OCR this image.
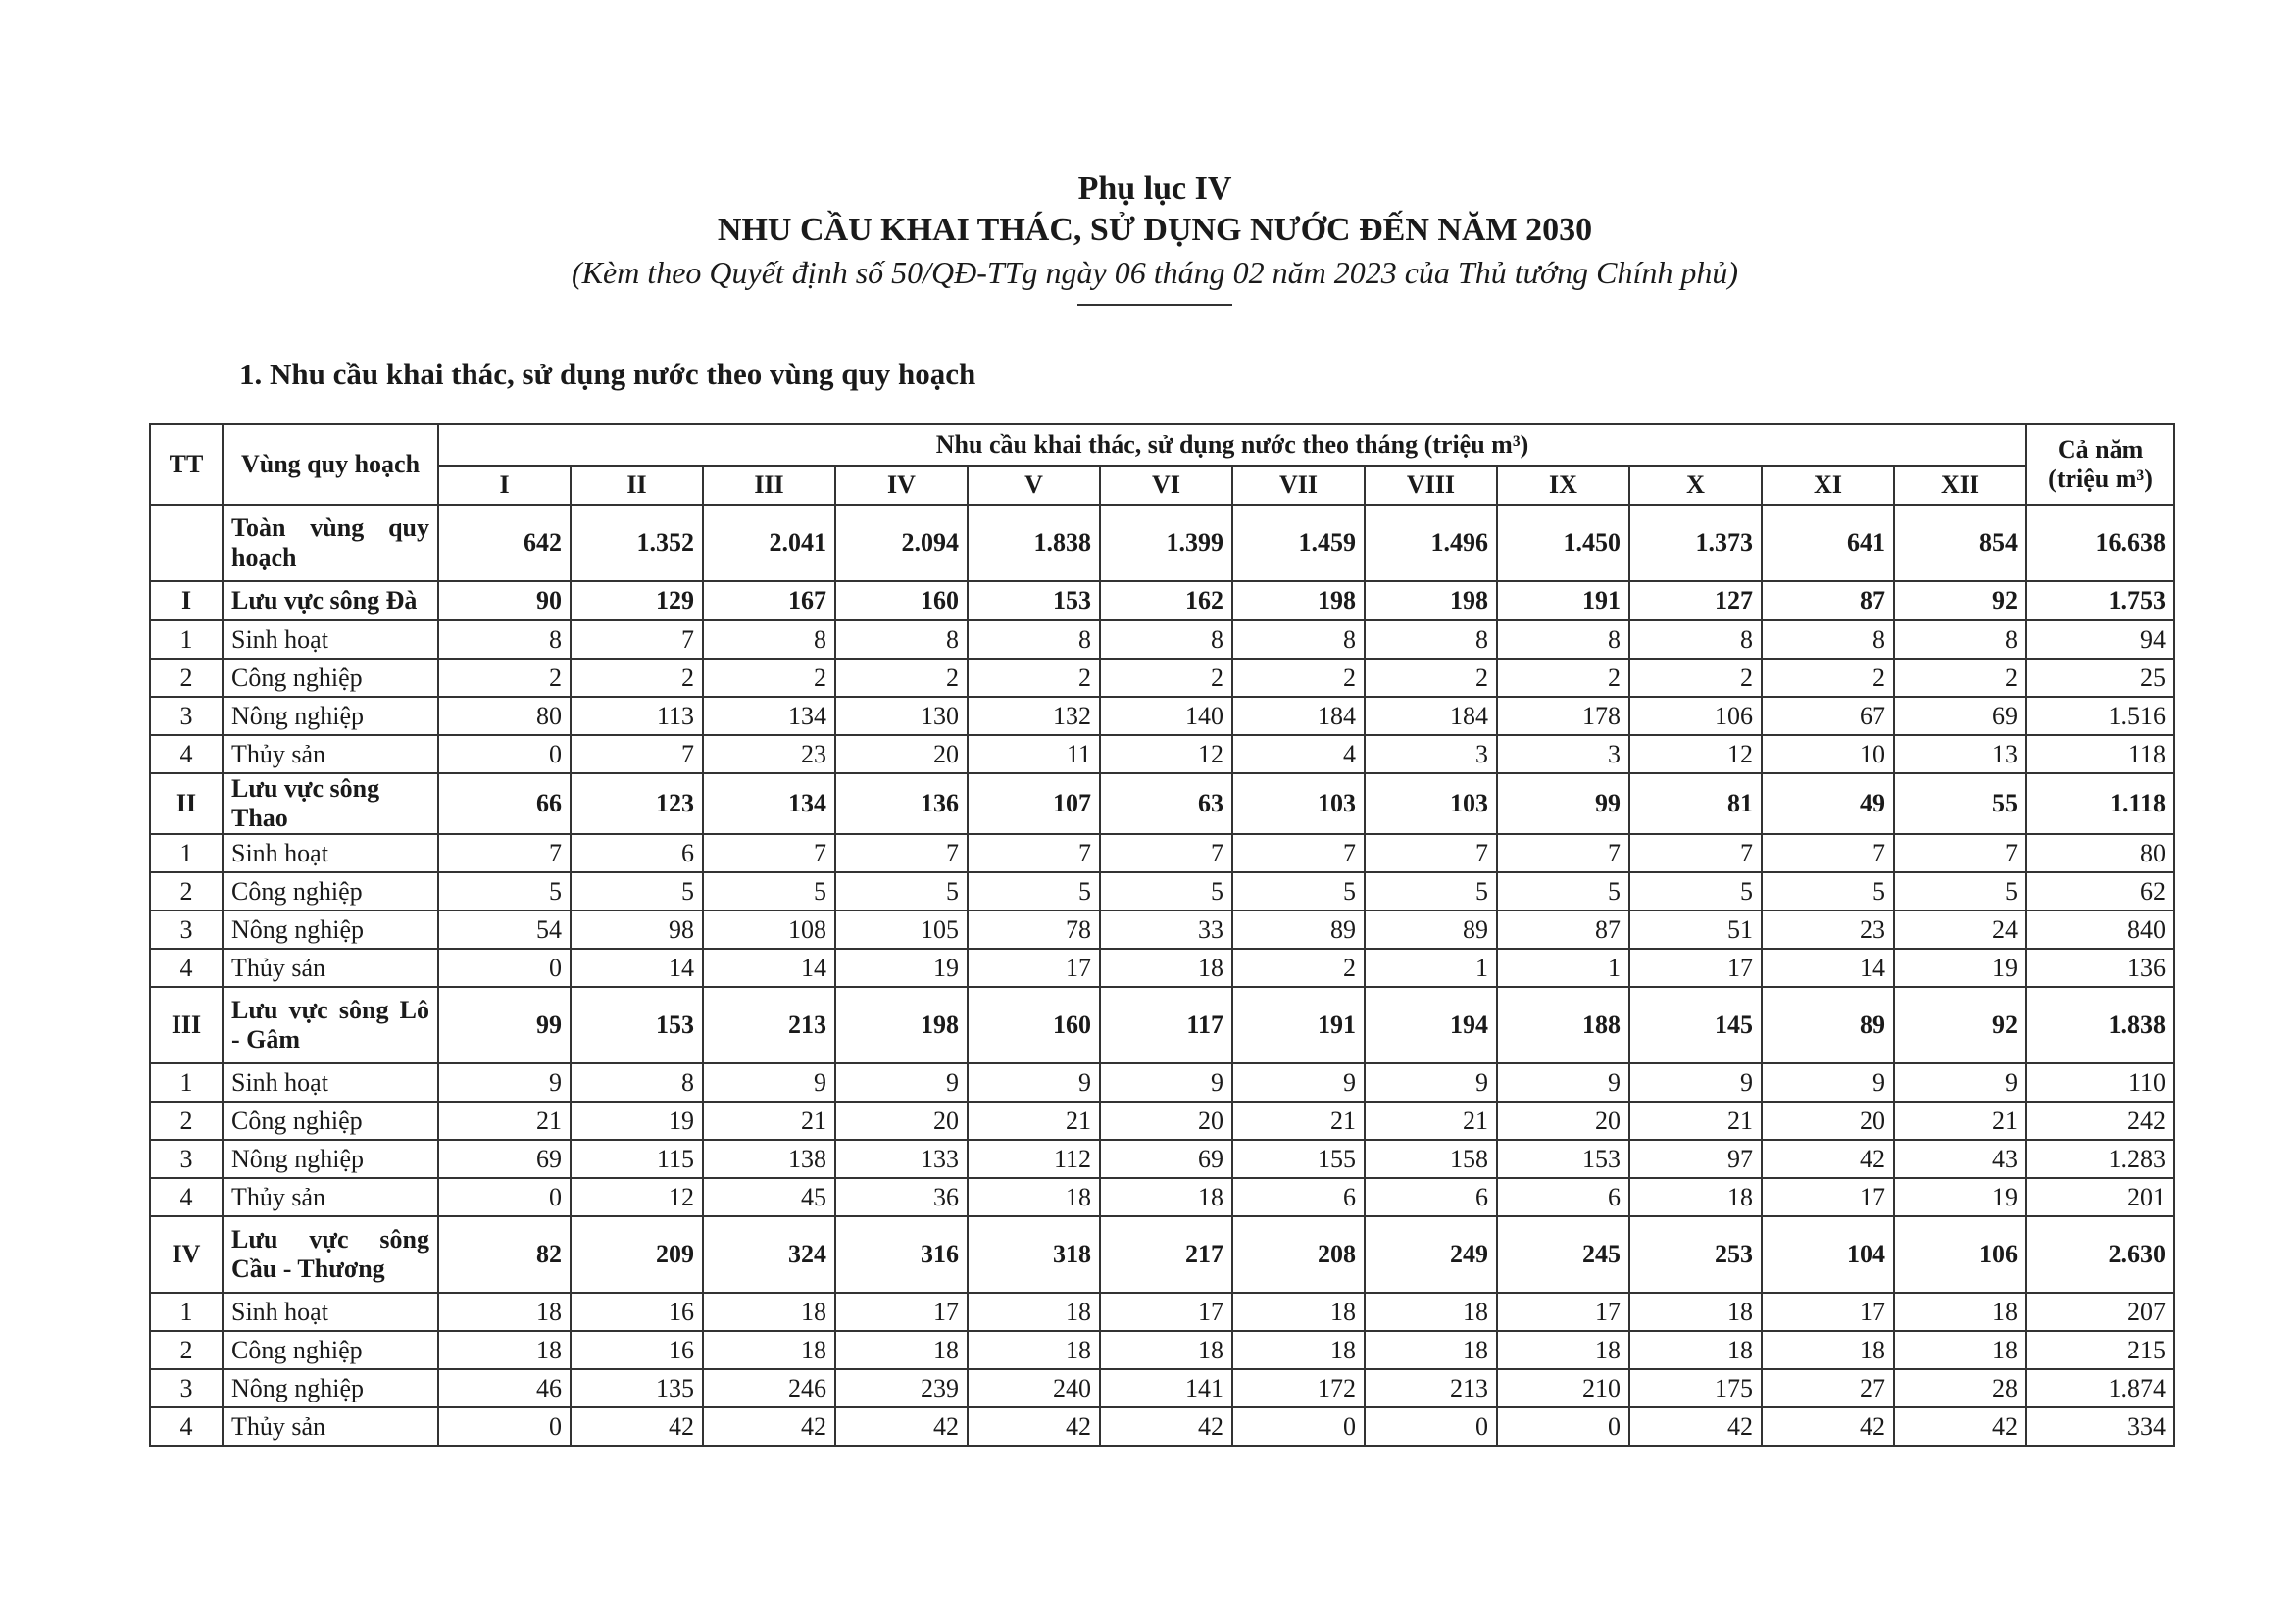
Phụ lục IV
NHU CẦU KHAI THÁC, SỬ DỤNG NƯỚC ĐẾN NĂM 2030
(Kèm theo Quyết định số 50/QĐ-TTg ngày 06 tháng 02 năm 2023 của Thủ tướng Chính phủ)
1. Nhu cầu khai thác, sử dụng nước theo vùng quy hoạch
TT	Vùng quy hoạch	Nhu cầu khai thác, sử dụng nước theo tháng (triệu m³)												Cả năm (triệu m³)
		I	II	III	IV	V	VI	VII	VIII	IX	X	XI	XII	
	Toàn vùng quy hoạch	642	1.352	2.041	2.094	1.838	1.399	1.459	1.496	1.450	1.373	641	854	16.638
I	Lưu vực sông Đà	90	129	167	160	153	162	198	198	191	127	87	92	1.753
1	Sinh hoạt	8	7	8	8	8	8	8	8	8	8	8	8	94
2	Công nghiệp	2	2	2	2	2	2	2	2	2	2	2	2	25
3	Nông nghiệp	80	113	134	130	132	140	184	184	178	106	67	69	1.516
4	Thủy sản	0	7	23	20	11	12	4	3	3	12	10	13	118
II	Lưu vực sông Thao	66	123	134	136	107	63	103	103	99	81	49	55	1.118
1	Sinh hoạt	7	6	7	7	7	7	7	7	7	7	7	7	80
2	Công nghiệp	5	5	5	5	5	5	5	5	5	5	5	5	62
3	Nông nghiệp	54	98	108	105	78	33	89	89	87	51	23	24	840
4	Thủy sản	0	14	14	19	17	18	2	1	1	17	14	19	136
III	Lưu vực sông Lô - Gâm	99	153	213	198	160	117	191	194	188	145	89	92	1.838
1	Sinh hoạt	9	8	9	9	9	9	9	9	9	9	9	9	110
2	Công nghiệp	21	19	21	20	21	20	21	21	20	21	20	21	242
3	Nông nghiệp	69	115	138	133	112	69	155	158	153	97	42	43	1.283
4	Thủy sản	0	12	45	36	18	18	6	6	6	18	17	19	201
IV	Lưu vực sông Cầu - Thương	82	209	324	316	318	217	208	249	245	253	104	106	2.630
1	Sinh hoạt	18	16	18	17	18	17	18	18	17	18	17	18	207
2	Công nghiệp	18	16	18	18	18	18	18	18	18	18	18	18	215
3	Nông nghiệp	46	135	246	239	240	141	172	213	210	175	27	28	1.874
4	Thủy sản	0	42	42	42	42	42	0	0	0	42	42	42	334
